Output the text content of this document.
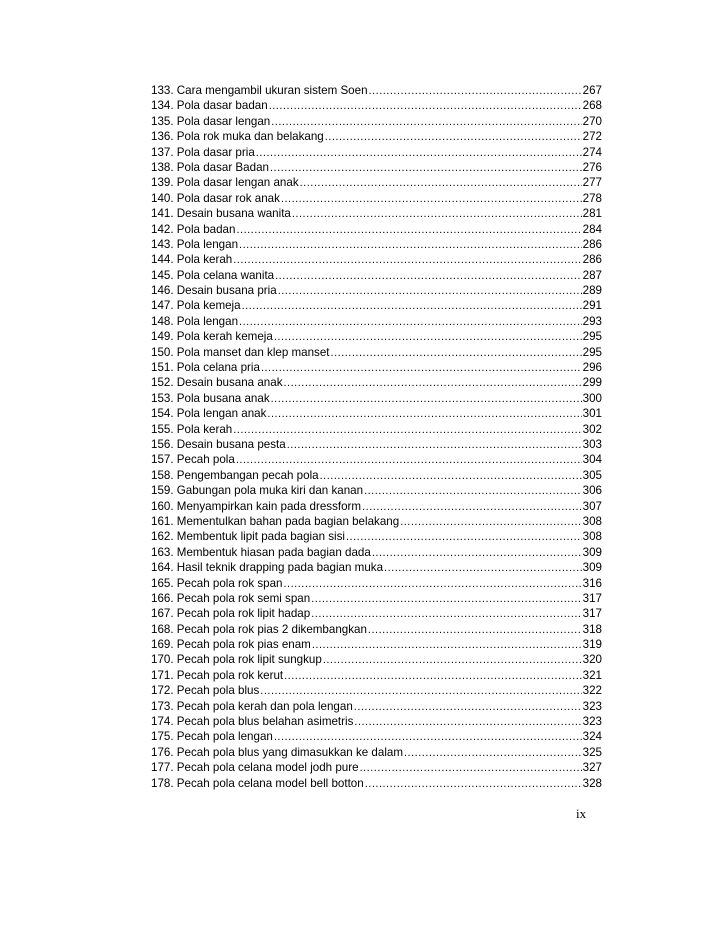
133. Cara mengambil ukuran sistem Soen .....	267
134. Pola dasar badan .....	268
135. Pola dasar lengan .....	270
136. Pola rok muka dan belakang .....	272
137. Pola dasar pria .....	274
138. Pola dasar Badan .....	276
139. Pola dasar lengan anak .....	277
140. Pola dasar rok anak .....	278
141. Desain busana wanita .....	281
142. Pola badan .....	284
143. Pola lengan .....	286
144. Pola kerah .....	286
145. Pola celana wanita .....	287
146. Desain busana pria .....	289
147. Pola kemeja .....	291
148. Pola lengan .....	293
149. Pola kerah kemeja .....	295
150. Pola manset dan klep manset .....	295
151. Pola celana pria .....	296
152. Desain busana anak .....	299
153. Pola busana anak .....	300
154. Pola lengan anak .....	301
155. Pola kerah .....	302
156. Desain busana pesta .....	303
157. Pecah pola .....	304
158. Pengembangan pecah pola .....	305
159. Gabungan pola muka kiri dan kanan .....	306
160. Menyampirkan kain pada dressform .....	307
161. Mementulkan bahan pada bagian belakang .....	308
162. Membentuk lipit pada bagian sisi .....	308
163. Membentuk hiasan pada bagian dada .....	309
164. Hasil teknik drapping pada bagian muka .....	309
165. Pecah pola rok span .....	316
166. Pecah pola rok semi span .....	317
167. Pecah pola rok lipit hadap .....	317
168. Pecah pola rok pias 2 dikembangkan .....	318
169. Pecah pola rok pias enam .....	319
170. Pecah pola rok lipit sungkup .....	320
171. Pecah pola rok kerut .....	321
172. Pecah pola blus .....	322
173. Pecah pola kerah dan pola lengan .....	323
174. Pecah pola blus belahan asimetris .....	323
175. Pecah pola lengan .....	324
176. Pecah pola blus yang dimasukkan ke dalam .....	325
177. Pecah pola celana model jodh pure .....	327
178. Pecah pola celana model bell botton .....	328
ix
